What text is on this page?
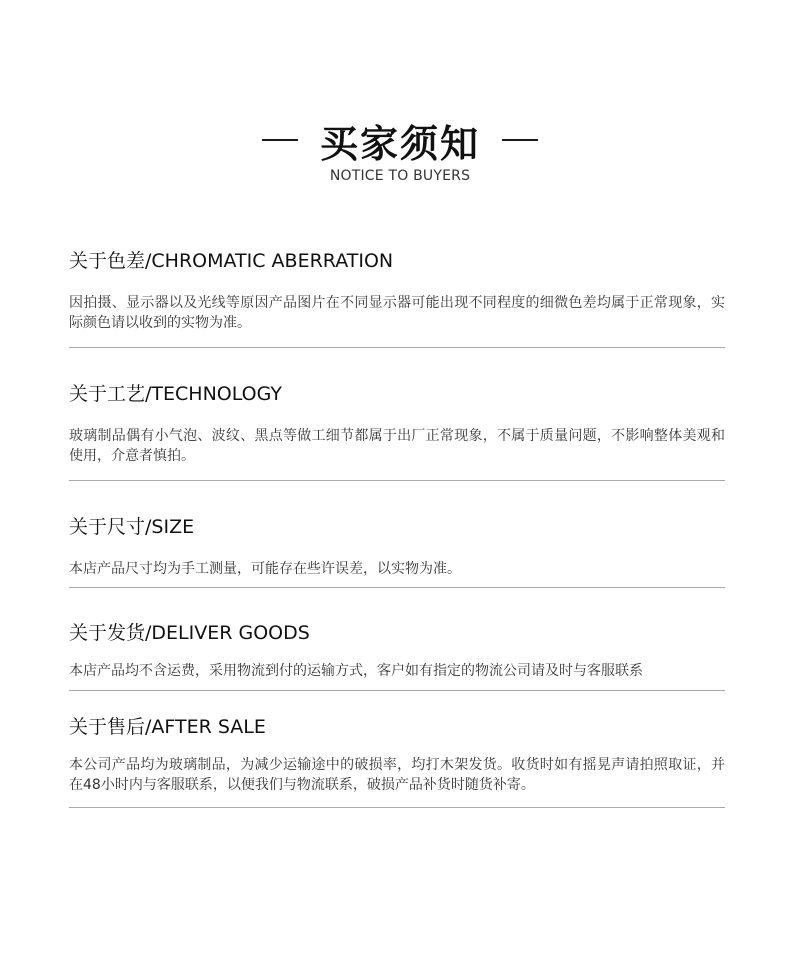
买家须知
NOTICE TO BUYERS
关于色差/CHROMATIC ABERRATION
因拍摄、显示器以及光线等原因产品图片在不同显示器可能出现不同程度的细微色差均属于正常现象，实际颜色请以收到的实物为准。
关于工艺/TECHNOLOGY
玻璃制品偶有小气泡、波纹、黑点等做工细节都属于出厂正常现象，不属于质量问题，不影响整体美观和使用，介意者慎拍。
关于尺寸/SIZE
本店产品尺寸均为手工测量，可能存在些许误差，以实物为准。
关于发货/DELIVER GOODS
本店产品均不含运费，采用物流到付的运输方式，客户如有指定的物流公司请及时与客服联系
关于售后/AFTER SALE
本公司产品均为玻璃制品，为减少运输途中的破损率，均打木架发货。收货时如有摇晃声请拍照取证，并在48小时内与客服联系，以便我们与物流联系，破损产品补货时随货补寄。
